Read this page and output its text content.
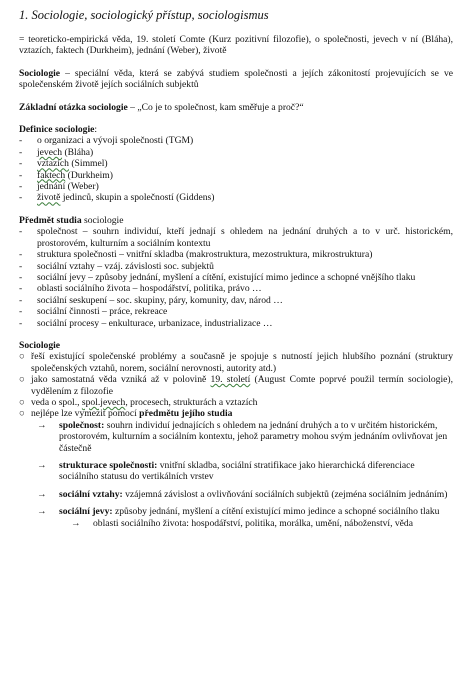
1. Sociologie, sociologický přístup, sociologismus

= teoreticko-empirická věda, 19. století Comte (Kurz pozitivní filozofie), o společnosti, jevech v ní (Bláha), vztazích, faktech (Durkheim), jednání (Weber), životě

Sociologie – speciální věda, která se zabývá studiem společnosti a jejích zákonitostí projevujících se ve společenském životě jejích sociálních subjektů

Základní otázka sociologie – „Co je to společnost, kam směřuje a proč?“

Definice sociologie:

- o organizaci a vývoji společnosti (TGM)
- jevech (Bláha)
- vztazích (Simmel)
- faktech (Durkheim)
- jednání (Weber)
- životě jedinců, skupin a společností (Giddens)

Předmět studia sociologie

- společnost – souhrn individuí, kteří jednají s ohledem na jednání druhých a to v urč. historickém, prostorovém, kulturním a sociálním kontextu
- struktura společnosti – vnitřní skladba (makrostruktura, mezostruktura, mikrostruktura)
- sociální vztahy – vzáj. závislosti soc. subjektů
- sociální jevy – způsoby jednání, myšlení a cítění, existující mimo jedince a schopné vnějšího tlaku
- oblasti sociálního života – hospodářství, politika, právo …
- sociální seskupení – soc. skupiny, páry, komunity, dav, národ …
- sociální činnosti – práce, rekreace
- sociální procesy – enkulturace, urbanizace, industrializace …

Sociologie

○ řeší existující společenské problémy a současně je spojuje s nutností jejich hlubšího poznání (struktury společenských vztahů, norem, sociální nerovnosti, autority atd.)
○ jako samostatná věda vzniká až v polovině 19. století (August Comte poprvé použil termín sociologie), vydělením z filozofie
○ veda o spol., spol.jevech, procesech, strukturách a vztazích
○ nejlépe lze vymezit pomocí předmětu jejího studia
→ společnost: souhrn individuí jednajících s ohledem na jednání druhých a to v určitém historickém, prostorovém, kulturním a sociálním kontextu, jehož parametry mohou svým jednáním ovlivňovat jen částečně
→ strukturace společnosti: vnitřní skladba, sociální stratifikace jako hierarchická diferenciace sociálního statusu do vertikálních vrstev
→ sociální vztahy: vzájemná závislost a ovlivňování sociálních subjektů (zejména sociálním jednáním)
→ sociální jevy: způsoby jednání, myšlení a cítění existující mimo jedince a schopné sociálního tlaku
→ oblasti sociálního života: hospodářství, politika, morálka, umění, náboženství, věda
